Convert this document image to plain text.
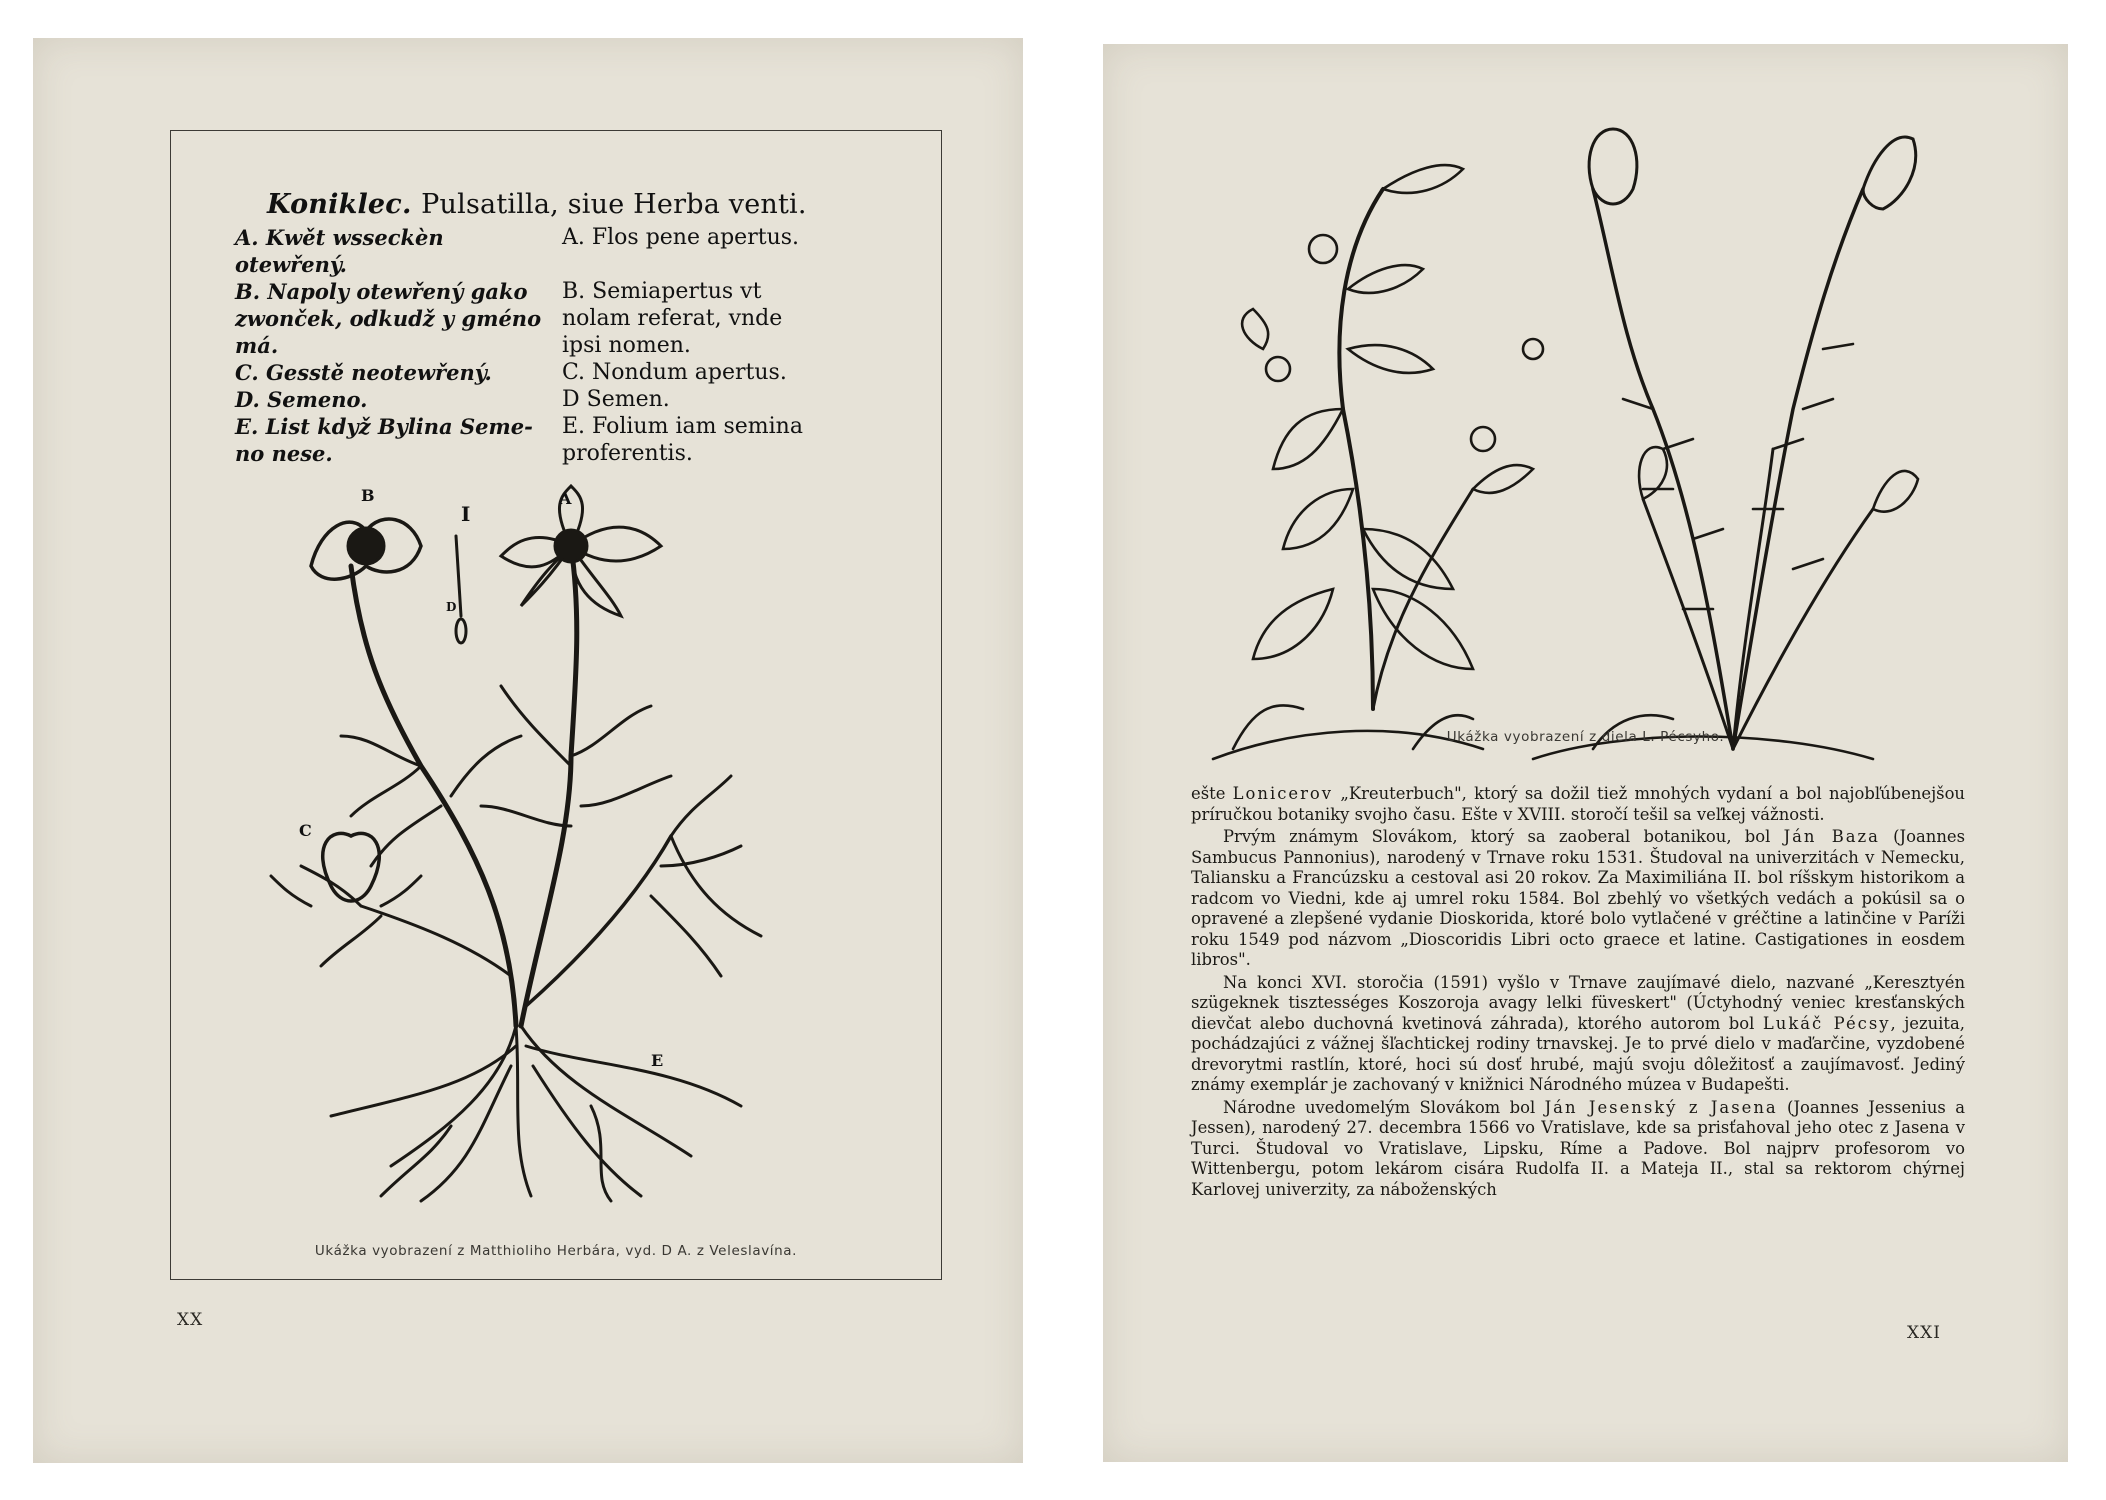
Koniklec. Pulsatilla, siue Herba venti.
A. Kwět wsseckèn otewřený.
A. Flos pene apertus.
B. Napoly otewřený gako
zwonček, odkudž y gméno
má.
B. Semiapertus vt
nolam referat, vnde
ipsi nomen.
C. Gesstě neotewřený.	C. Nondum apertus.
D. Semeno.	D Semen.
E. List když Bylina Seme-
no nese.
E. Folium iam semina
proferentis.
B
I
D
A
C
E
Ukážka vyobrazení z Matthioliho Herbára, vyd. D A. z Veleslavína.
XX
Ukážka vyobrazení z diela L. Pécsyho.

ešte Lonicerov „Kreuterbuch", ktorý sa dožil tiež mnohých vydaní a bol najobľúbenejšou príručkou botaniky svojho času. Ešte v XVIII. storočí tešil sa veľkej vážnosti.

Prvým známym Slovákom, ktorý sa zaoberal botanikou, bol Ján Baza (Joannes Sambucus Pannonius), narodený v Trnave roku 1531. Študoval na univerzitách v Nemecku, Taliansku a Francúzsku a cestoval asi 20 rokov. Za Maximiliána II. bol ríšskym historikom a radcom vo Viedni, kde aj umrel roku 1584. Bol zbehlý vo všetkých vedách a pokúsil sa o opravené a zlepšené vydanie Dioskorida, ktoré bolo vytlačené v gréčtine a latinčine v Paríži roku 1549 pod názvom „Dioscoridis Libri octo graece et latine. Castigationes in eosdem libros".

Na konci XVI. storočia (1591) vyšlo v Trnave zaujímavé dielo, nazvané „Keresztyén szügeknek tisztességes Koszoroja avagy lelki füveskert" (Úctyhodný veniec kresťanských dievčat alebo duchovná kvetinová záhrada), ktorého autorom bol Lukáč Pécsy, jezuita, pochádzajúci z vážnej šľachtickej rodiny trnavskej. Je to prvé dielo v maďarčine, vyzdobené drevorytmi rastlín, ktoré, hoci sú dosť hrubé, majú svoju dôležitosť a zaujímavosť. Jediný známy exemplár je zachovaný v knižnici Národného múzea v Budapešti.

Národne uvedomelým Slovákom bol Ján Jesenský z Jasena (Joannes Jessenius a Jessen), narodený 27. decembra 1566 vo Vratislave, kde sa prisťahoval jeho otec z Jasena v Turci. Študoval vo Vratislave, Lipsku, Ríme a Padove. Bol najprv profesorom vo Wittenbergu, potom lekárom cisára Rudolfa II. a Mateja II., stal sa rektorom chýrnej Karlovej univerzity, za náboženských

XXI
